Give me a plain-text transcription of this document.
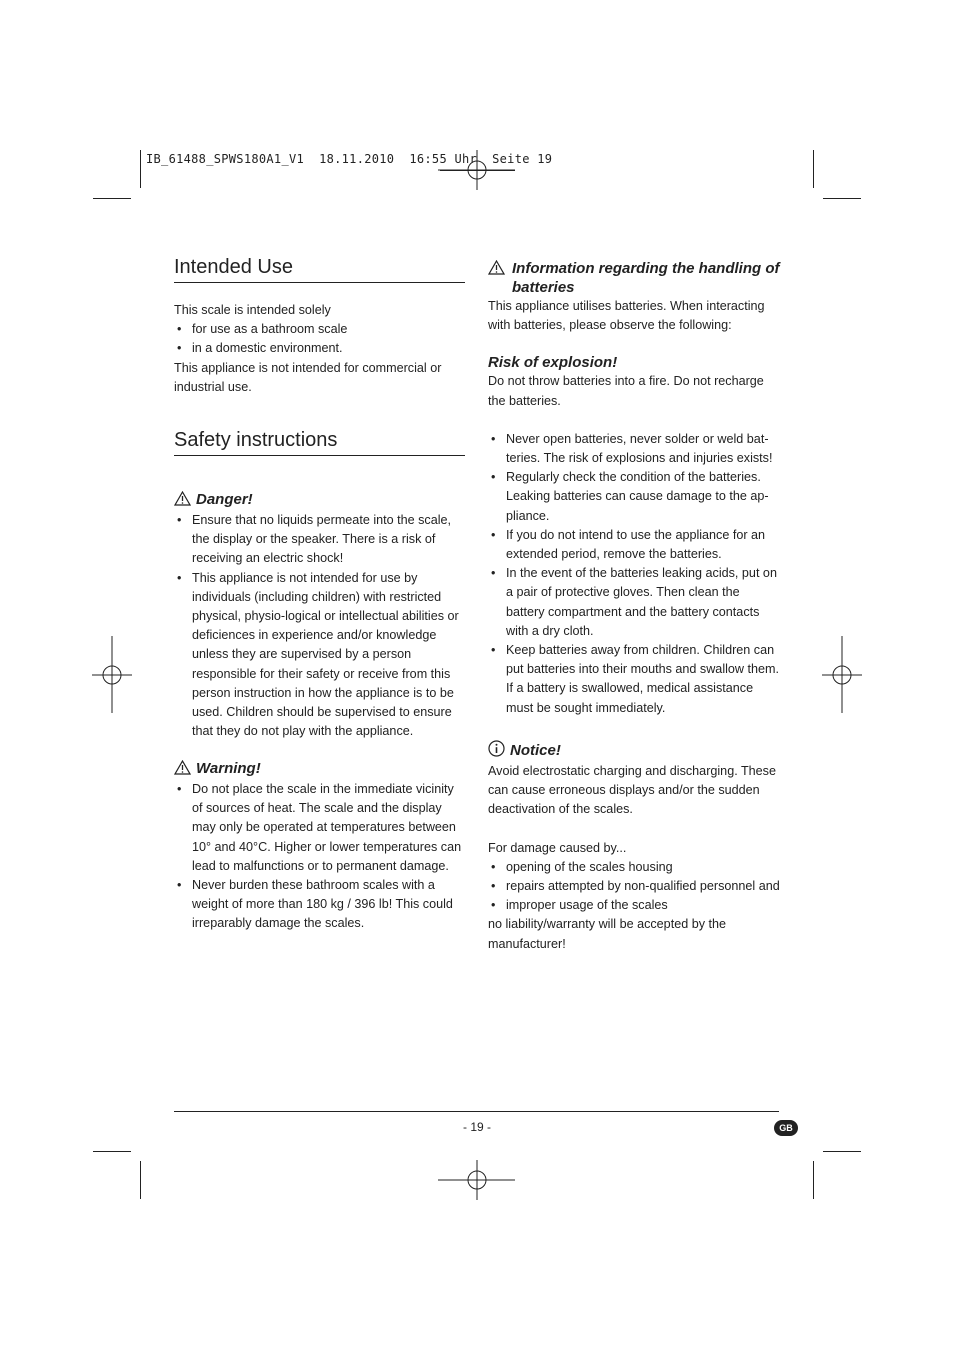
IB_61488_SPWS180A1_V1  18.11.2010  16:55 Uhr  Seite 19
Intended Use

This scale is intended solely

• for use as a bathroom scale
• in a domestic environment.

This appliance is not intended for commercial or industrial use.

Safety instructions
Danger!
• Ensure that no liquids permeate into the scale, the display or the speaker. There is a risk of receiving an electric shock!
• This appliance is not intended for use by individuals (including children) with restricted physical, physio-logical or intellectual abilities or deficiences in experience and/or knowledge unless they are supervised by a person responsible for their safety or receive from this person instruction in how the appliance is to be used. Children should be supervised to ensure that they do not play with the appliance.
Warning!
• Do not place the scale in the immediate vicinity of sources of heat. The scale and the display may only be operated at temperatures between 10° and 40°C. Higher or lower temperatures can lead to malfunctions or to permanent damage.
• Never burden these bathroom scales with a weight of more than 180 kg / 396 lb! This could irreparably damage the scales.
Information regarding the handling of batteries

This appliance utilises batteries. When interacting with batteries, please observe the following:

Risk of explosion!

Do not throw batteries into a fire. Do not recharge the batteries.

• Never open batteries, never solder or weld bat-teries. The risk of explosions and injuries exists!
• Regularly check the condition of the batteries. Leaking batteries can cause damage to the ap-pliance.
• If you do not intend to use the appliance for an extended period, remove the batteries.
• In the event of the batteries leaking acids, put on a pair of protective gloves. Then clean the battery compartment and the battery contacts with a dry cloth.
• Keep batteries away from children. Children can put batteries into their mouths and swallow them. If a battery is swallowed, medical assistance must be sought immediately.
Notice!

Avoid electrostatic charging and discharging. These can cause erroneous displays and/or the sudden deactivation of the scales.

For damage caused by...

• opening of the scales housing
• repairs attempted by non-qualified personnel and
• improper usage of the scales

no liability/warranty will be accepted by the manufacturer!

- 19 -	GB
